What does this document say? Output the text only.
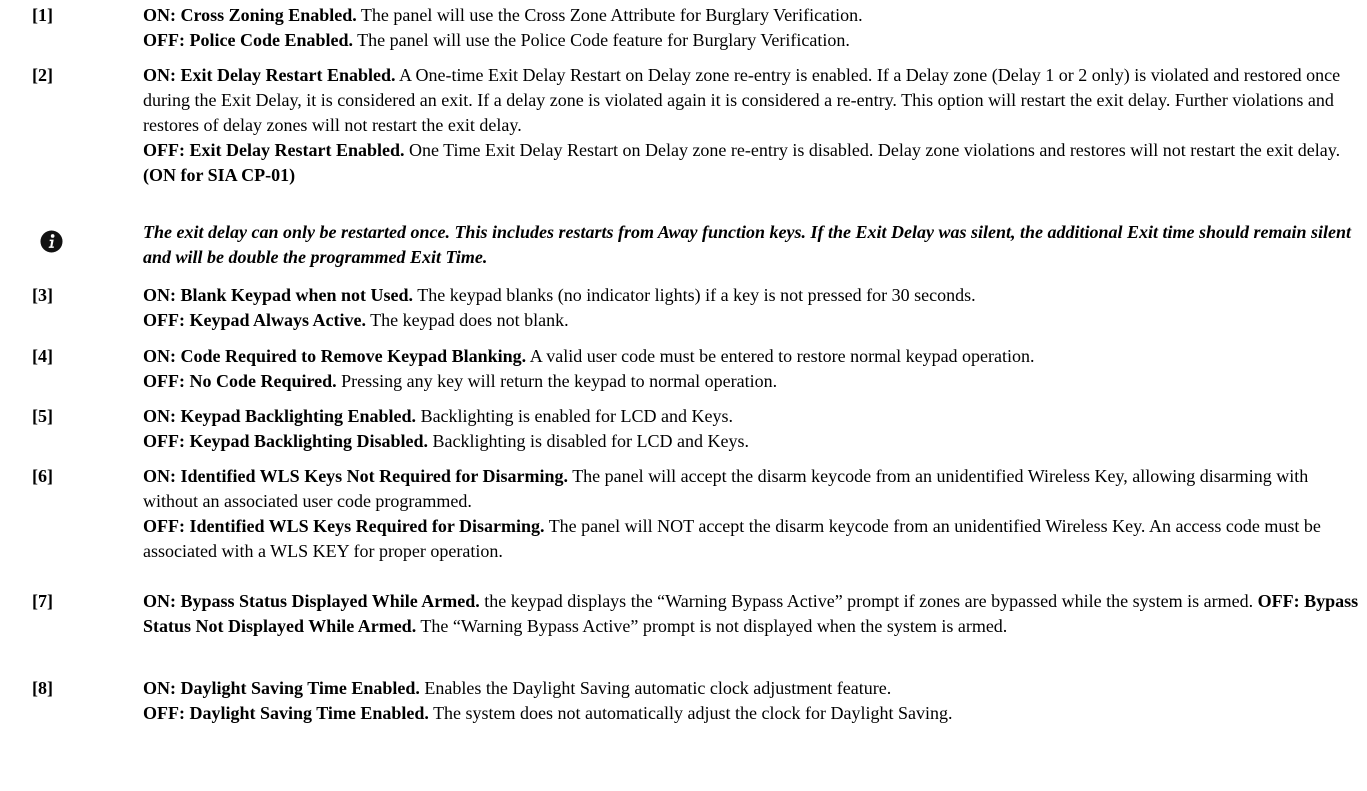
[1]	ON: Cross Zoning Enabled. The panel will use the Cross Zone Attribute for Burglary Verification.

OFF: Police Code Enabled. The panel will use the Police Code feature for Burglary Verification.

[2]	ON: Exit Delay Restart Enabled. A One-time Exit Delay Restart on Delay zone re-entry is enabled. If a Delay zone (Delay 1 or 2 only) is violated and restored once during the Exit Delay, it is considered an exit. If a delay zone is violated again it is considered a re-entry. This option will restart the exit delay. Further violations and restores of delay zones will not restart the exit delay.

OFF: Exit Delay Restart Enabled. One Time Exit Delay Restart on Delay zone re-entry is disabled. Delay zone violations and restores will not restart the exit delay. (ON for SIA CP-01)

The exit delay can only be restarted once. This includes restarts from Away function keys. If the Exit Delay was silent, the additional Exit time should remain silent and will be double the programmed Exit Time.
[3]	ON: Blank Keypad when not Used. The keypad blanks (no indicator lights) if a key is not pressed for 30 seconds.

OFF: Keypad Always Active. The keypad does not blank.

[4]	ON: Code Required to Remove Keypad Blanking. A valid user code must be entered to restore normal keypad operation.

OFF: No Code Required. Pressing any key will return the keypad to normal operation.

[5]	ON: Keypad Backlighting Enabled. Backlighting is enabled for LCD and Keys.

OFF: Keypad Backlighting Disabled. Backlighting is disabled for LCD and Keys.

[6]	ON: Identified WLS Keys Not Required for Disarming. The panel will accept the disarm keycode from an unidentified Wireless Key, allowing disarming with without an associated user code programmed.

OFF: Identified WLS Keys Required for Disarming. The panel will NOT accept the disarm keycode from an unidentified Wireless Key. An access code must be associated with a WLS KEY for proper operation.

[7]	ON: Bypass Status Displayed While Armed. the keypad displays the “Warning Bypass Active” prompt if zones are bypassed while the system is armed. OFF: Bypass Status Not Displayed While Armed. The “Warning Bypass Active” prompt is not displayed when the system is armed.

[8]	ON: Daylight Saving Time Enabled. Enables the Daylight Saving automatic clock adjustment feature.

OFF: Daylight Saving Time Enabled. The system does not automatically adjust the clock for Daylight Saving.
